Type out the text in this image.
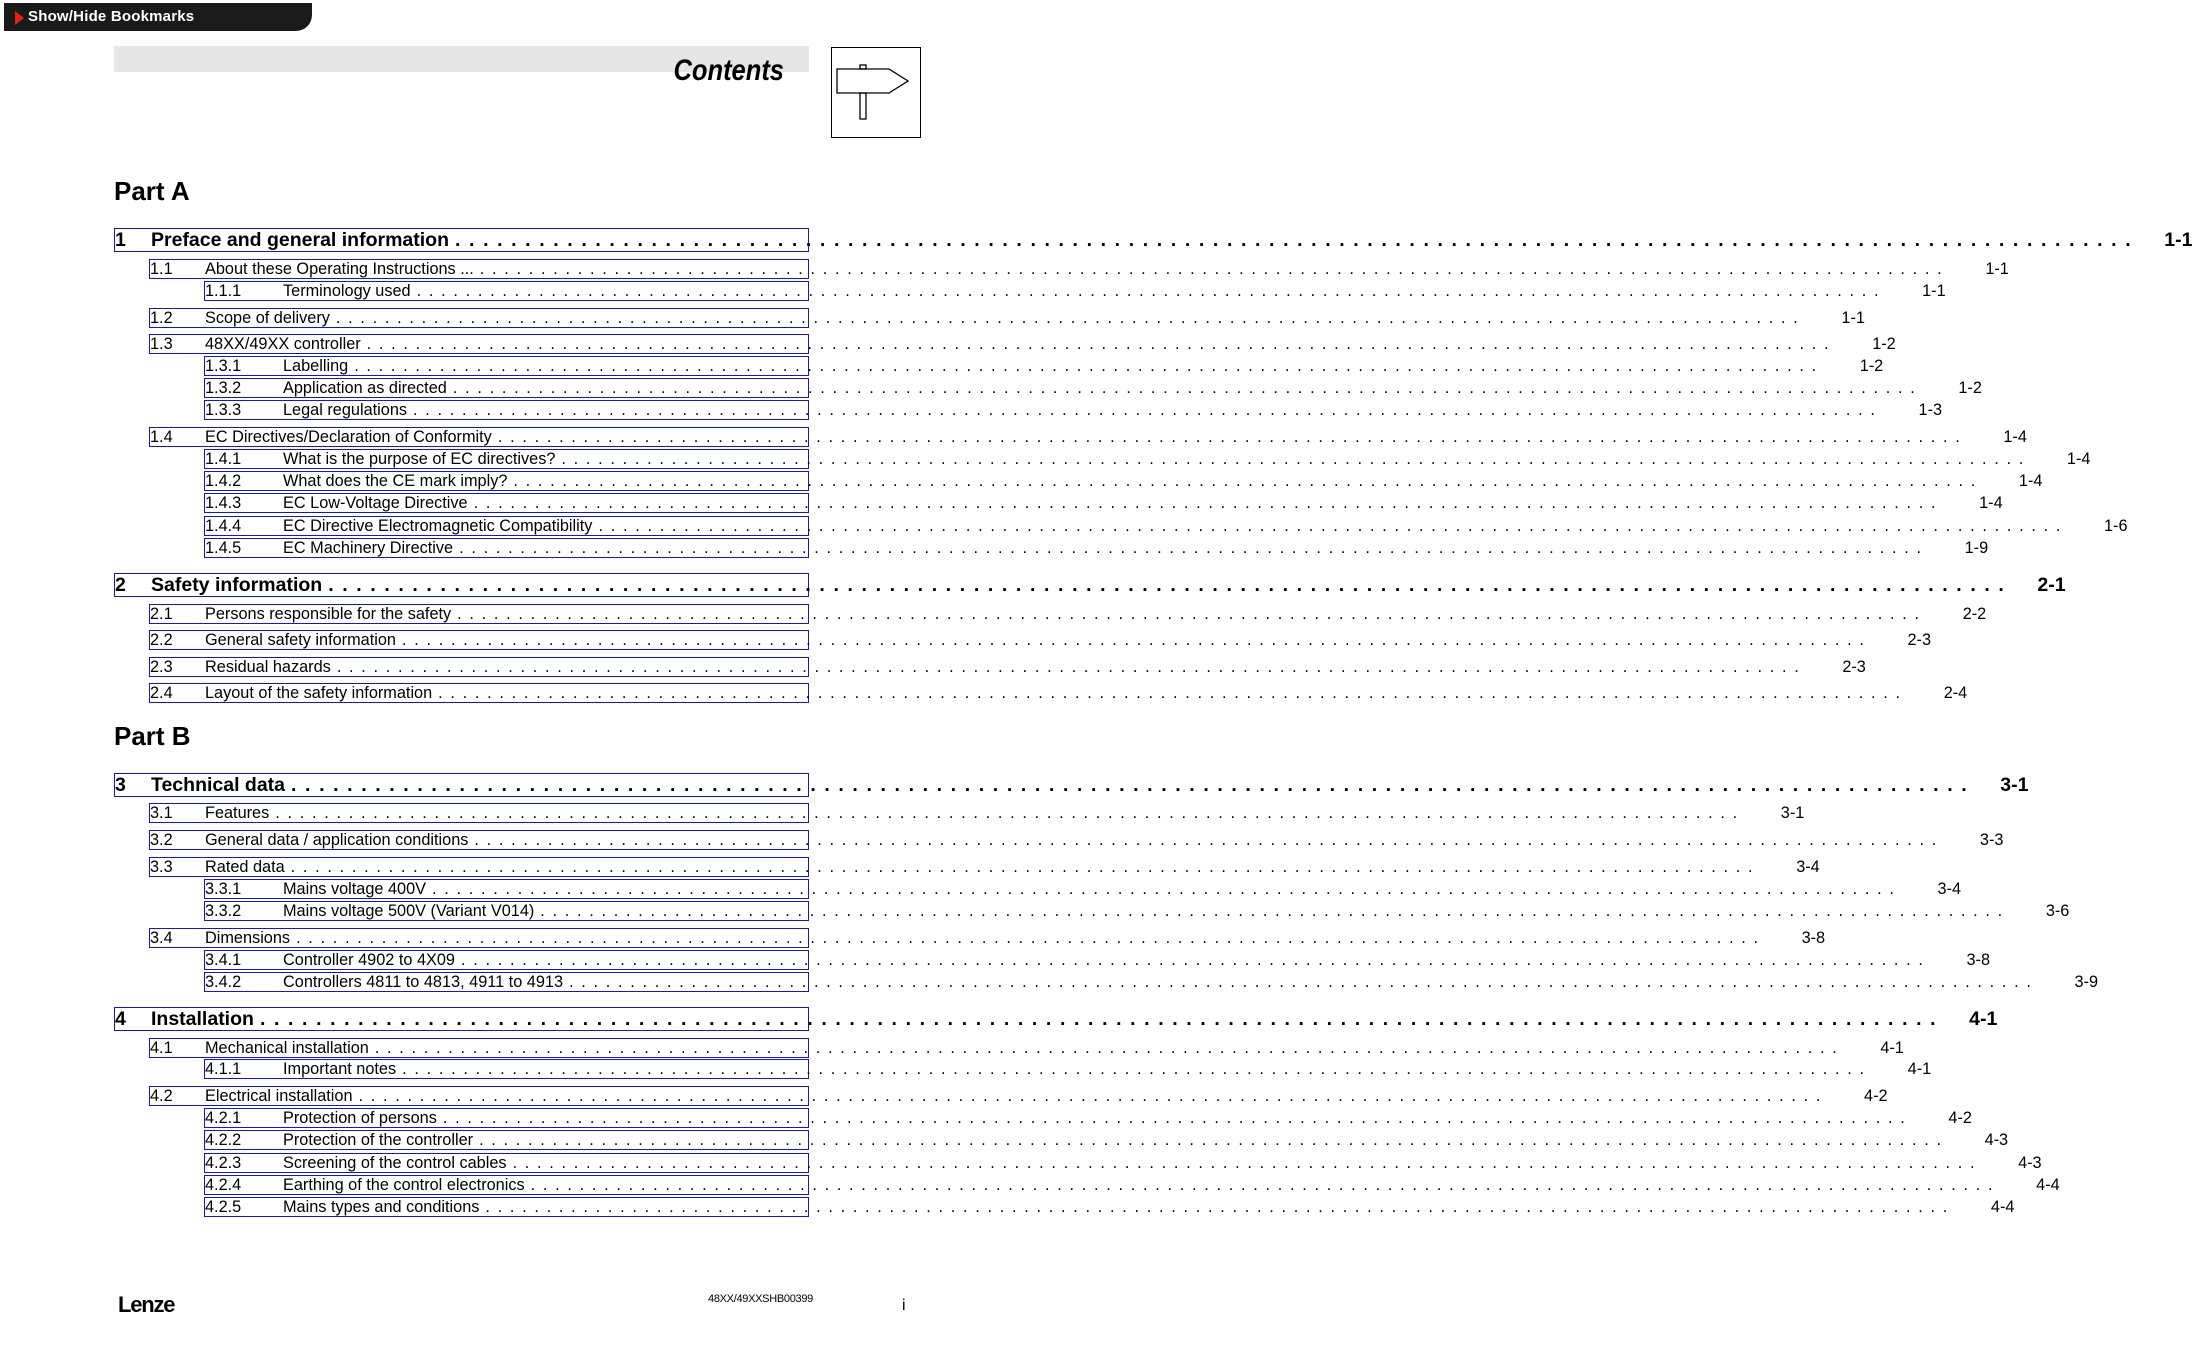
Show/Hide Bookmarks
Contents
Part A
Part B
1	Preface and general information . . . . . . . . . . . . . . . . . . . . . . . . . . . . . . . . . . . . . . . . . . . . . . . . . . . . . . . . . . . . . . . . . . . . . . . . . . . . . . . . . . . . . . . . . . . . . . . . . . . . . . . . . . . . . . . . . . . . . . . . 1-1
1.1	About these Operating Instructions ... . . . . . . . . . . . . . . . . . . . . . . . . . . . . . . . . . . . . . . . . . . . . . . . . . . . . . . . . . . . . . . . . . . . . . . . . . . . . . . . . . . . . . . . . . . . . . . . . . . . . . . . . . . . . . . . . . . . . . . . .	1-1
1.1.1	Terminology used . . . . . . . . . . . . . . . . . . . . . . . . . . . . . . . . . . . . . . . . . . . . . . . . . . . . . . . . . . . . . . . . . . . . . . . . . . . . . . . . . . . . . . . . . . . . . . . . . . . . . . . . . . . . . . . . . . . . . . . .	1-1
1.2	Scope of delivery . . . . . . . . . . . . . . . . . . . . . . . . . . . . . . . . . . . . . . . . . . . . . . . . . . . . . . . . . . . . . . . . . . . . . . . . . . . . . . . . . . . . . . . . . . . . . . . . . . . . . . . . . . . . . . . . . . . . . . . .	1-1
1.3	48XX/49XX controller . . . . . . . . . . . . . . . . . . . . . . . . . . . . . . . . . . . . . . . . . . . . . . . . . . . . . . . . . . . . . . . . . . . . . . . . . . . . . . . . . . . . . . . . . . . . . . . . . . . . . . . . . . . . . . . . . . . . . . . .	1-2
1.3.1	Labelling . . . . . . . . . . . . . . . . . . . . . . . . . . . . . . . . . . . . . . . . . . . . . . . . . . . . . . . . . . . . . . . . . . . . . . . . . . . . . . . . . . . . . . . . . . . . . . . . . . . . . . . . . . . . . . . . . . . . . . . .	1-2
1.3.2	Application as directed . . . . . . . . . . . . . . . . . . . . . . . . . . . . . . . . . . . . . . . . . . . . . . . . . . . . . . . . . . . . . . . . . . . . . . . . . . . . . . . . . . . . . . . . . . . . . . . . . . . . . . . . . . . . . . . . . . . . . . . .	1-2
1.3.3	Legal regulations . . . . . . . . . . . . . . . . . . . . . . . . . . . . . . . . . . . . . . . . . . . . . . . . . . . . . . . . . . . . . . . . . . . . . . . . . . . . . . . . . . . . . . . . . . . . . . . . . . . . . . . . . . . . . . . . . . . . . . . .	1-3
1.4	EC Directives/Declaration of Conformity . . . . . . . . . . . . . . . . . . . . . . . . . . . . . . . . . . . . . . . . . . . . . . . . . . . . . . . . . . . . . . . . . . . . . . . . . . . . . . . . . . . . . . . . . . . . . . . . . . . . . . . . . . . . . . . . . . . . . . . .	1-4
1.4.1	What is the purpose of EC directives? . . . . . . . . . . . . . . . . . . . . . . . . . . . . . . . . . . . . . . . . . . . . . . . . . . . . . . . . . . . . . . . . . . . . . . . . . . . . . . . . . . . . . . . . . . . . . . . . . . . . . . . . . . . . . . . . . . . . . . . .	1-4
1.4.2	What does the CE mark imply? . . . . . . . . . . . . . . . . . . . . . . . . . . . . . . . . . . . . . . . . . . . . . . . . . . . . . . . . . . . . . . . . . . . . . . . . . . . . . . . . . . . . . . . . . . . . . . . . . . . . . . . . . . . . . . . . . . . . . . . .	1-4
1.4.3	EC Low-Voltage Directive . . . . . . . . . . . . . . . . . . . . . . . . . . . . . . . . . . . . . . . . . . . . . . . . . . . . . . . . . . . . . . . . . . . . . . . . . . . . . . . . . . . . . . . . . . . . . . . . . . . . . . . . . . . . . . . . . . . . . . . .	1-4
1.4.4	EC Directive Electromagnetic Compatibility . . . . . . . . . . . . . . . . . . . . . . . . . . . . . . . . . . . . . . . . . . . . . . . . . . . . . . . . . . . . . . . . . . . . . . . . . . . . . . . . . . . . . . . . . . . . . . . . . . . . . . . . . . . . . . . . . . . . . . . .	1-6
1.4.5	EC Machinery Directive . . . . . . . . . . . . . . . . . . . . . . . . . . . . . . . . . . . . . . . . . . . . . . . . . . . . . . . . . . . . . . . . . . . . . . . . . . . . . . . . . . . . . . . . . . . . . . . . . . . . . . . . . . . . . . . . . . . . . . . .	1-9
2	Safety information . . . . . . . . . . . . . . . . . . . . . . . . . . . . . . . . . . . . . . . . . . . . . . . . . . . . . . . . . . . . . . . . . . . . . . . . . . . . . . . . . . . . . . . . . . . . . . . . . . . . . . . . . . . . . . . . . . . . . . . . 2-1
2.1	Persons responsible for the safety . . . . . . . . . . . . . . . . . . . . . . . . . . . . . . . . . . . . . . . . . . . . . . . . . . . . . . . . . . . . . . . . . . . . . . . . . . . . . . . . . . . . . . . . . . . . . . . . . . . . . . . . . . . . . . . . . . . . . . . .	2-2
2.2	General safety information . . . . . . . . . . . . . . . . . . . . . . . . . . . . . . . . . . . . . . . . . . . . . . . . . . . . . . . . . . . . . . . . . . . . . . . . . . . . . . . . . . . . . . . . . . . . . . . . . . . . . . . . . . . . . . . . . . . . . . . .	2-3
2.3	Residual hazards . . . . . . . . . . . . . . . . . . . . . . . . . . . . . . . . . . . . . . . . . . . . . . . . . . . . . . . . . . . . . . . . . . . . . . . . . . . . . . . . . . . . . . . . . . . . . . . . . . . . . . . . . . . . . . . . . . . . . . . .	2-3
2.4	Layout of the safety information . . . . . . . . . . . . . . . . . . . . . . . . . . . . . . . . . . . . . . . . . . . . . . . . . . . . . . . . . . . . . . . . . . . . . . . . . . . . . . . . . . . . . . . . . . . . . . . . . . . . . . . . . . . . . . . . . . . . . . . .	2-4
3	Technical data . . . . . . . . . . . . . . . . . . . . . . . . . . . . . . . . . . . . . . . . . . . . . . . . . . . . . . . . . . . . . . . . . . . . . . . . . . . . . . . . . . . . . . . . . . . . . . . . . . . . . . . . . . . . . . . . . . . . . . . . 3-1
3.1	Features . . . . . . . . . . . . . . . . . . . . . . . . . . . . . . . . . . . . . . . . . . . . . . . . . . . . . . . . . . . . . . . . . . . . . . . . . . . . . . . . . . . . . . . . . . . . . . . . . . . . . . . . . . . . . . . . . . . . . . . .	3-1
3.2	General data / application conditions . . . . . . . . . . . . . . . . . . . . . . . . . . . . . . . . . . . . . . . . . . . . . . . . . . . . . . . . . . . . . . . . . . . . . . . . . . . . . . . . . . . . . . . . . . . . . . . . . . . . . . . . . . . . . . . . . . . . . . . .	3-3
3.3	Rated data . . . . . . . . . . . . . . . . . . . . . . . . . . . . . . . . . . . . . . . . . . . . . . . . . . . . . . . . . . . . . . . . . . . . . . . . . . . . . . . . . . . . . . . . . . . . . . . . . . . . . . . . . . . . . . . . . . . . . . . .	3-4
3.3.1	Mains voltage 400V . . . . . . . . . . . . . . . . . . . . . . . . . . . . . . . . . . . . . . . . . . . . . . . . . . . . . . . . . . . . . . . . . . . . . . . . . . . . . . . . . . . . . . . . . . . . . . . . . . . . . . . . . . . . . . . . . . . . . . . .	3-4
3.3.2	Mains voltage 500V (Variant V014) . . . . . . . . . . . . . . . . . . . . . . . . . . . . . . . . . . . . . . . . . . . . . . . . . . . . . . . . . . . . . . . . . . . . . . . . . . . . . . . . . . . . . . . . . . . . . . . . . . . . . . . . . . . . . . . . . . . . . . . .	3-6
3.4	Dimensions . . . . . . . . . . . . . . . . . . . . . . . . . . . . . . . . . . . . . . . . . . . . . . . . . . . . . . . . . . . . . . . . . . . . . . . . . . . . . . . . . . . . . . . . . . . . . . . . . . . . . . . . . . . . . . . . . . . . . . . .	3-8
3.4.1	Controller 4902 to 4X09 . . . . . . . . . . . . . . . . . . . . . . . . . . . . . . . . . . . . . . . . . . . . . . . . . . . . . . . . . . . . . . . . . . . . . . . . . . . . . . . . . . . . . . . . . . . . . . . . . . . . . . . . . . . . . . . . . . . . . . . .	3-8
3.4.2	Controllers 4811 to 4813, 4911 to 4913 . . . . . . . . . . . . . . . . . . . . . . . . . . . . . . . . . . . . . . . . . . . . . . . . . . . . . . . . . . . . . . . . . . . . . . . . . . . . . . . . . . . . . . . . . . . . . . . . . . . . . . . . . . . . . . . . . . . . . . . .	3-9
4	Installation . . . . . . . . . . . . . . . . . . . . . . . . . . . . . . . . . . . . . . . . . . . . . . . . . . . . . . . . . . . . . . . . . . . . . . . . . . . . . . . . . . . . . . . . . . . . . . . . . . . . . . . . . . . . . . . . . . . . . . . . 4-1
4.1	Mechanical installation . . . . . . . . . . . . . . . . . . . . . . . . . . . . . . . . . . . . . . . . . . . . . . . . . . . . . . . . . . . . . . . . . . . . . . . . . . . . . . . . . . . . . . . . . . . . . . . . . . . . . . . . . . . . . . . . . . . . . . . .	4-1
4.1.1	Important notes . . . . . . . . . . . . . . . . . . . . . . . . . . . . . . . . . . . . . . . . . . . . . . . . . . . . . . . . . . . . . . . . . . . . . . . . . . . . . . . . . . . . . . . . . . . . . . . . . . . . . . . . . . . . . . . . . . . . . . . .	4-1
4.2	Electrical installation . . . . . . . . . . . . . . . . . . . . . . . . . . . . . . . . . . . . . . . . . . . . . . . . . . . . . . . . . . . . . . . . . . . . . . . . . . . . . . . . . . . . . . . . . . . . . . . . . . . . . . . . . . . . . . . . . . . . . . . .	4-2
4.2.1	Protection of persons . . . . . . . . . . . . . . . . . . . . . . . . . . . . . . . . . . . . . . . . . . . . . . . . . . . . . . . . . . . . . . . . . . . . . . . . . . . . . . . . . . . . . . . . . . . . . . . . . . . . . . . . . . . . . . . . . . . . . . . .	4-2
4.2.2	Protection of the controller . . . . . . . . . . . . . . . . . . . . . . . . . . . . . . . . . . . . . . . . . . . . . . . . . . . . . . . . . . . . . . . . . . . . . . . . . . . . . . . . . . . . . . . . . . . . . . . . . . . . . . . . . . . . . . . . . . . . . . . .	4-3
4.2.3	Screening of the control cables . . . . . . . . . . . . . . . . . . . . . . . . . . . . . . . . . . . . . . . . . . . . . . . . . . . . . . . . . . . . . . . . . . . . . . . . . . . . . . . . . . . . . . . . . . . . . . . . . . . . . . . . . . . . . . . . . . . . . . . .	4-3
4.2.4	Earthing of the control electronics . . . . . . . . . . . . . . . . . . . . . . . . . . . . . . . . . . . . . . . . . . . . . . . . . . . . . . . . . . . . . . . . . . . . . . . . . . . . . . . . . . . . . . . . . . . . . . . . . . . . . . . . . . . . . . . . . . . . . . . .	4-4
4.2.5	Mains types and conditions . . . . . . . . . . . . . . . . . . . . . . . . . . . . . . . . . . . . . . . . . . . . . . . . . . . . . . . . . . . . . . . . . . . . . . . . . . . . . . . . . . . . . . . . . . . . . . . . . . . . . . . . . . . . . . . . . . . . . . . .	4-4
Lenze	48XX/49XXSHB00399	i
